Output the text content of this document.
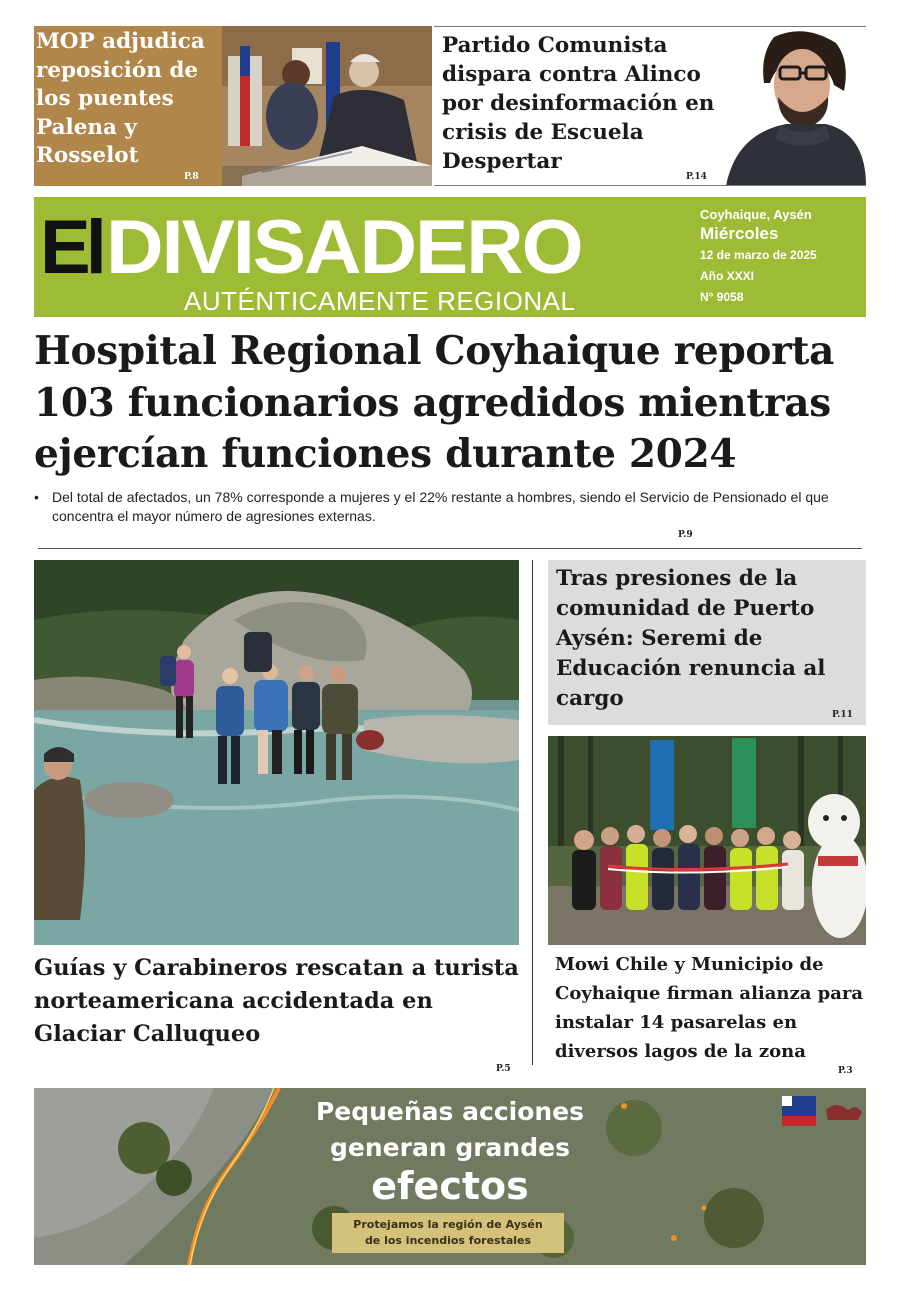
MOP adjudica reposición de los puentes Palena y Rosselot
P.8
Partido Comunista dispara contra Alinco por desinformación en crisis de Escuela Despertar
P.14
El DIVISADERO
AUTÉNTICAMENTE REGIONAL
Coyhaique, Aysén
Miércoles
12 de marzo de 2025
Año XXXI
N° 9058
Hospital Regional Coyhaique reporta 103 funcionarios agredidos mientras ejercían funciones durante 2024
• Del total de afectados, un 78% corresponde a mujeres y el 22% restante a hombres, siendo el Servicio de Pensionado el que concentra el mayor número de agresiones externas.
P.9
Guías y Carabineros rescatan a turista norteamericana accidentada en Glaciar Calluqueo
P.5
Tras presiones de la comunidad de Puerto Aysén: Seremi de Educación renuncia al cargo
P.11
Mowi Chile y Municipio de Coyhaique firman alianza para instalar 14 pasarelas en diversos lagos de la zona
P.3
Pequeñas acciones
generan grandes
efectos
Protejamos la región de Aysén
de los incendios forestales
